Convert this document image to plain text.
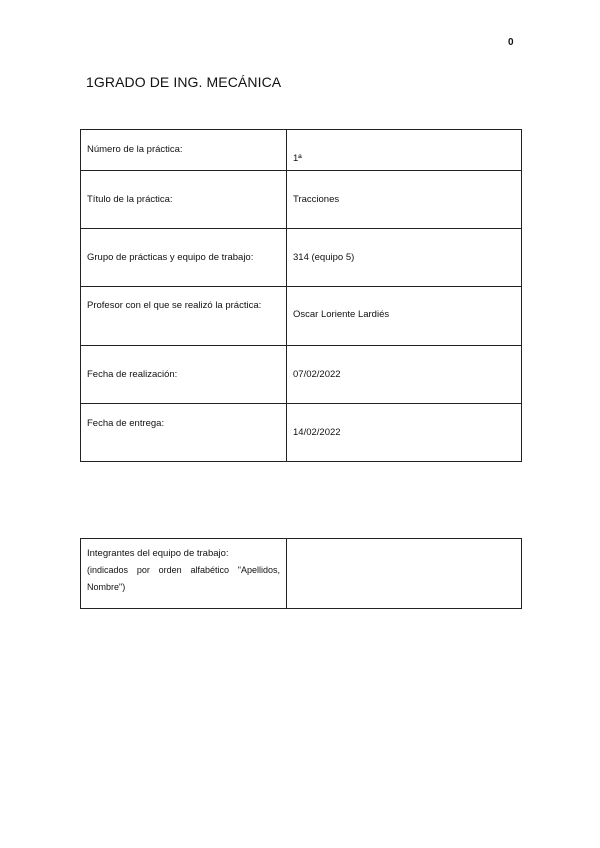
0
1GRADO DE ING. MECÁNICA
Número de la práctica:	1ª
Título de la práctica:	Tracciones
Grupo de prácticas y equipo de trabajo:	314 (equipo 5)
Profesor con el que se realizó la práctica:	Oscar Loriente Lardiés
Fecha de realización:	07/02/2022
Fecha de entrega:	14/02/2022
Integrantes del equipo de trabajo:
(indicados por orden alfabético "Apellidos, Nombre")
